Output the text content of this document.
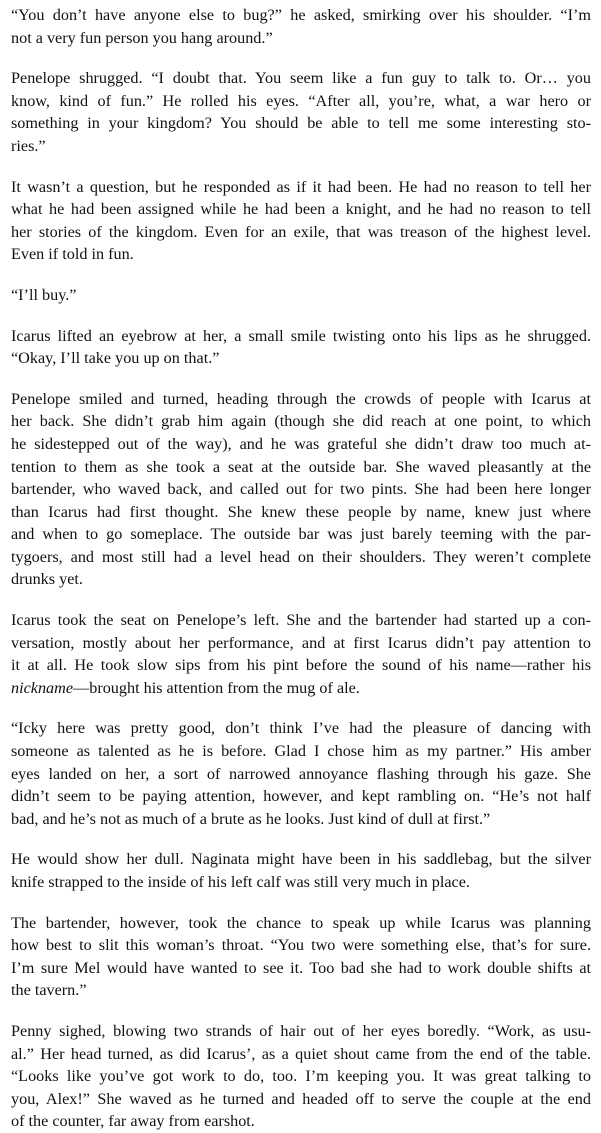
“You don’t have anyone else to bug?” he asked, smirking over his shoulder. “I’m
not a very fun person you hang around.”

Penelope shrugged. “I doubt that. You seem like a fun guy to talk to. Or… you
know, kind of fun.” He rolled his eyes. “After all, you’re, what, a war hero or
something in your kingdom? You should be able to tell me some interesting sto-
ries.”

It wasn’t a question, but he responded as if it had been. He had no reason to tell her
what he had been assigned while he had been a knight, and he had no reason to tell
her stories of the kingdom. Even for an exile, that was treason of the highest level.
Even if told in fun.

“I’ll buy.”

Icarus lifted an eyebrow at her, a small smile twisting onto his lips as he shrugged.
“Okay, I’ll take you up on that.”

Penelope smiled and turned, heading through the crowds of people with Icarus at
her back. She didn’t grab him again (though she did reach at one point, to which
he sidestepped out of the way), and he was grateful she didn’t draw too much at-
tention to them as she took a seat at the outside bar. She waved pleasantly at the
bartender, who waved back, and called out for two pints. She had been here longer
than Icarus had first thought. She knew these people by name, knew just where
and when to go someplace. The outside bar was just barely teeming with the par-
tygoers, and most still had a level head on their shoulders. They weren’t complete
drunks yet.

Icarus took the seat on Penelope’s left. She and the bartender had started up a con-
versation, mostly about her performance, and at first Icarus didn’t pay attention to
it at all. He took slow sips from his pint before the sound of his name—rather his
nickname—brought his attention from the mug of ale.

“Icky here was pretty good, don’t think I’ve had the pleasure of dancing with
someone as talented as he is before. Glad I chose him as my partner.” His amber
eyes landed on her, a sort of narrowed annoyance flashing through his gaze. She
didn’t seem to be paying attention, however, and kept rambling on. “He’s not half
bad, and he’s not as much of a brute as he looks. Just kind of dull at first.”

He would show her dull. Naginata might have been in his saddlebag, but the silver
knife strapped to the inside of his left calf was still very much in place.

The bartender, however, took the chance to speak up while Icarus was planning
how best to slit this woman’s throat. “You two were something else, that’s for sure.
I’m sure Mel would have wanted to see it. Too bad she had to work double shifts at
the tavern.”

Penny sighed, blowing two strands of hair out of her eyes boredly. “Work, as usu-
al.” Her head turned, as did Icarus’, as a quiet shout came from the end of the table.
“Looks like you’ve got work to do, too. I’m keeping you. It was great talking to
you, Alex!” She waved as he turned and headed off to serve the couple at the end
of the counter, far away from earshot.
